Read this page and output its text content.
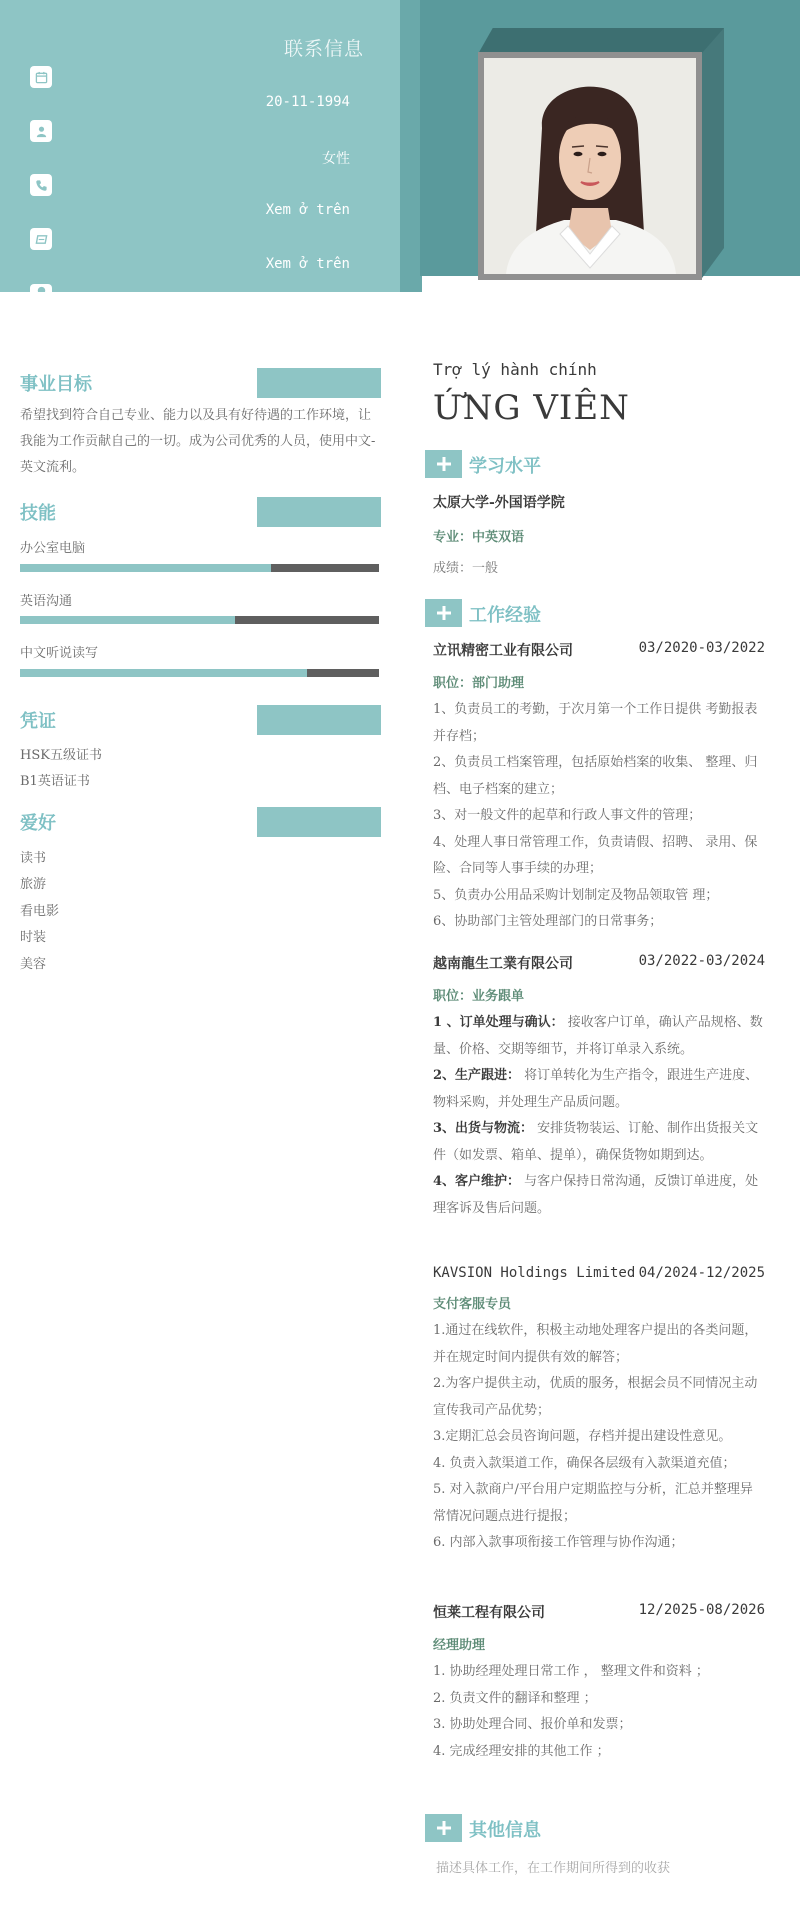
联系信息
20-11-1994
女性
Xem ở trên
Xem ở trên
事业目标
希望找到符合自己专业、能力以及具有好待遇的工作环境，让我能为工作贡献自己的一切。成为公司优秀的人员，使用中文-英文流利。
技能
办公室电脑
英语沟通
中文听说读写
凭证
HSK五级证书
B1英语证书
爱好
读书
旅游
看电影
时装
美容
Trợ lý hành chính
ỨNG VIÊN
学习水平
太原大学-外国语学院
专业：中英双语
成绩：一般
工作经验
立讯精密工业有限公司	03/2020-03/2022
职位：部门助理
1、负责员工的考勤，于次月第一个工作日提供 考勤报表并存档；
2、负责员工档案管理，包括原始档案的收集、 整理、归档、电子档案的建立；
3、对一般文件的起草和行政人事文件的管理；
4、处理人事日常管理工作，负责请假、招聘、 录用、保险、合同等人事手续的办理；
5、负责办公用品采购计划制定及物品领取管 理；
6、协助部门主管处理部门的日常事务；
越南龍生工業有限公司	03/2022-03/2024
职位：业务跟单
1 、订单处理与确认： 接收客户订单，确认产品规格、数量、价格、交期等细节，并将订单录入系统。
2、生产跟进： 将订单转化为生产指令，跟进生产进度、物料采购，并处理生产品质问题。
3、出货与物流： 安排货物装运、订舱、制作出货报关文件（如发票、箱单、提单），确保货物如期到达。
4、客户维护： 与客户保持日常沟通，反馈订单进度，处理客诉及售后问题。
KAVSION Holdings Limited 04/2024-12/2025
支付客服专员
1.通过在线软件，积极主动地处理客户提出的各类问题，并在规定时间内提供有效的解答；
2.为客户提供主动，优质的服务，根据会员不同情况主动宣传我司产品优势；
3.定期汇总会员咨询问题，存档并提出建设性意见。
4. 负责入款渠道工作，确保各层级有入款渠道充值；
5. 对入款商户/平台用户定期监控与分析，汇总并整理异常情况问题点进行提报；
6. 内部入款事项衔接工作管理与协作沟通；
恒莱工程有限公司	12/2025-08/2026
经理助理
1. 协助经理处理日常工作 ， 整理文件和资料 ；
2. 负责文件的翻译和整理 ；
3. 协助处理合同、报价单和发票；
4. 完成经理安排的其他工作 ；
其他信息
描述具体工作，在工作期间所得到的收获
